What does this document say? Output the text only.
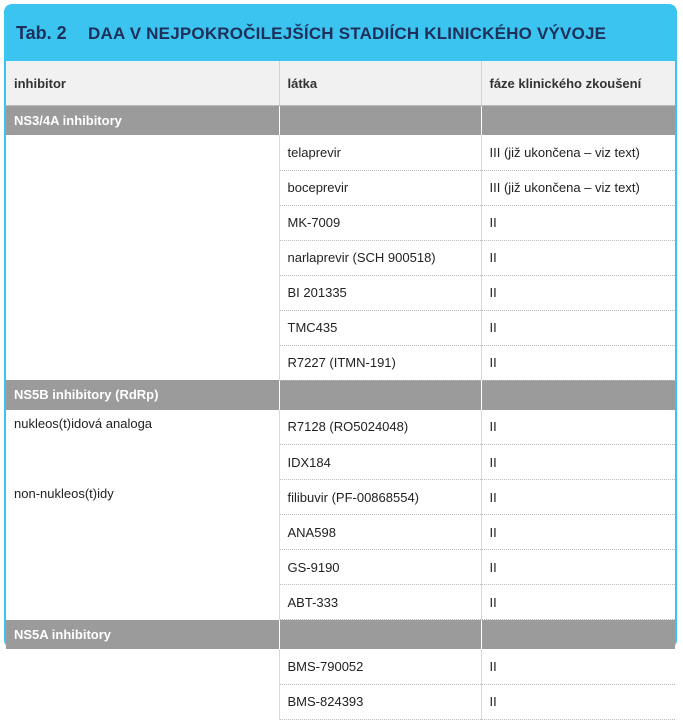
Tab. 2	DAA V NEJPOKROČILEJŠÍCH STADIÍCH KLINICKÉHO VÝVOJE
inhibitor	látka	fáze klinického zkoušení
NS3/4A inhibitory		
	telaprevir	III (již ukončena – viz text)
	boceprevir	III (již ukončena – viz text)
	MK-7009	II
	narlaprevir (SCH 900518)	II
	BI 201335	II
	TMC435	II
	R7227 (ITMN-191)	II
NS5B inhibitory (RdRp)		
nukleos(t)idová analoga	R7128 (RO5024048)	II
	IDX184	II
non-nukleos(t)idy	filibuvir (PF-00868554)	II
	ANA598	II
	GS-9190	II
	ABT-333	II
NS5A inhibitory		
	BMS-790052	II
	BMS-824393	II
